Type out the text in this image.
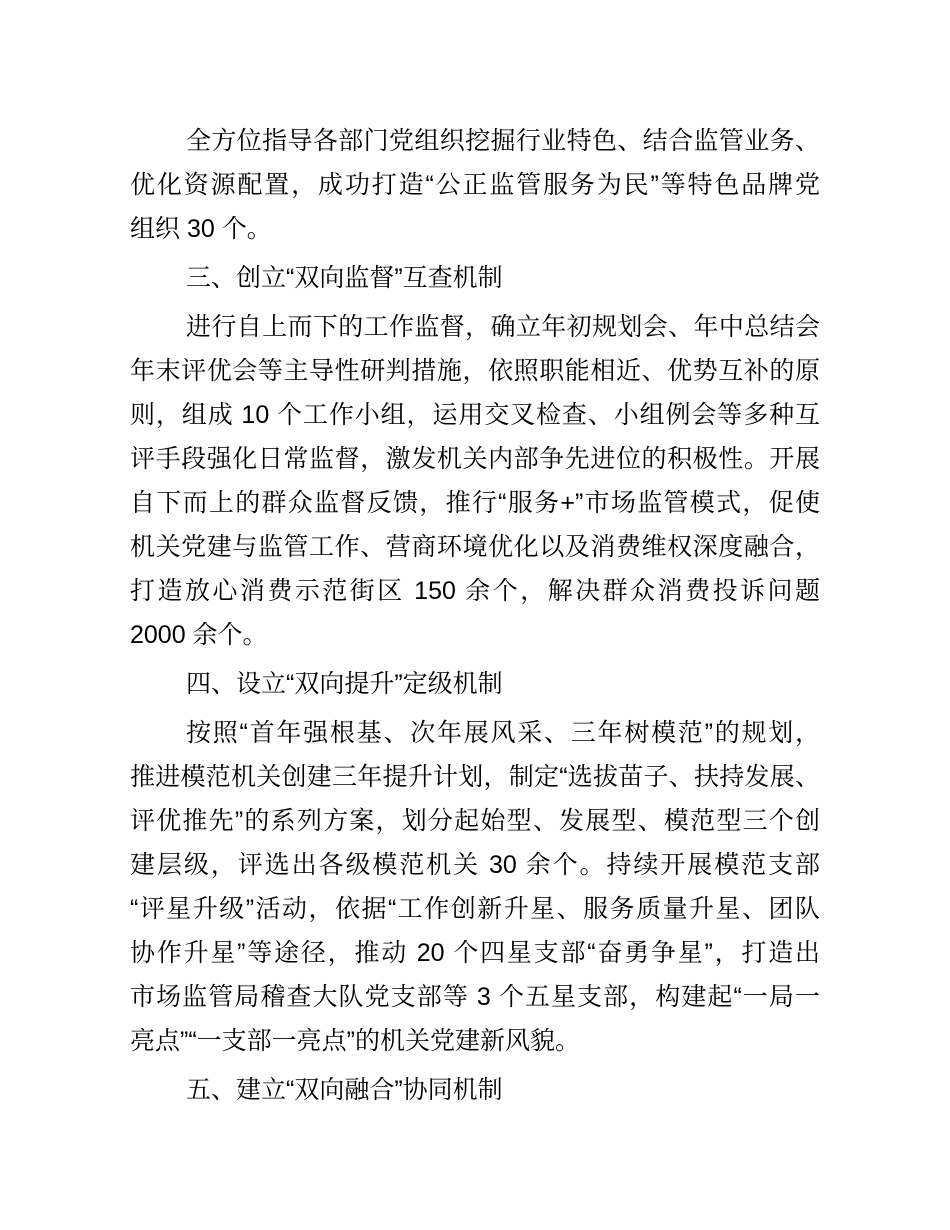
全方位指导各部门党组织挖掘行业特色、结合监管业务、
优化资源配置，成功打造“公正监管服务为民”等特色品牌党
组织 30 个。
三、创立“双向监督”互查机制
进行自上而下的工作监督，确立年初规划会、年中总结会
年末评优会等主导性研判措施，依照职能相近、优势互补的原
则，组成 10 个工作小组，运用交叉检查、小组例会等多种互
评手段强化日常监督，激发机关内部争先进位的积极性。开展
自下而上的群众监督反馈，推行“服务+”市场监管模式，促使
机关党建与监管工作、营商环境优化以及消费维权深度融合，
打造放心消费示范街区 150 余个，解决群众消费投诉问题
2000 余个。
四、设立“双向提升”定级机制
按照“首年强根基、次年展风采、三年树模范”的规划，
推进模范机关创建三年提升计划，制定“选拔苗子、扶持发展、
评优推先”的系列方案，划分起始型、发展型、模范型三个创
建层级，评选出各级模范机关 30 余个。持续开展模范支部
“评星升级”活动，依据“工作创新升星、服务质量升星、团队
协作升星”等途径，推动 20 个四星支部“奋勇争星”，打造出
市场监管局稽查大队党支部等 3 个五星支部，构建起“一局一
亮点”“一支部一亮点”的机关党建新风貌。
五、建立“双向融合”协同机制
